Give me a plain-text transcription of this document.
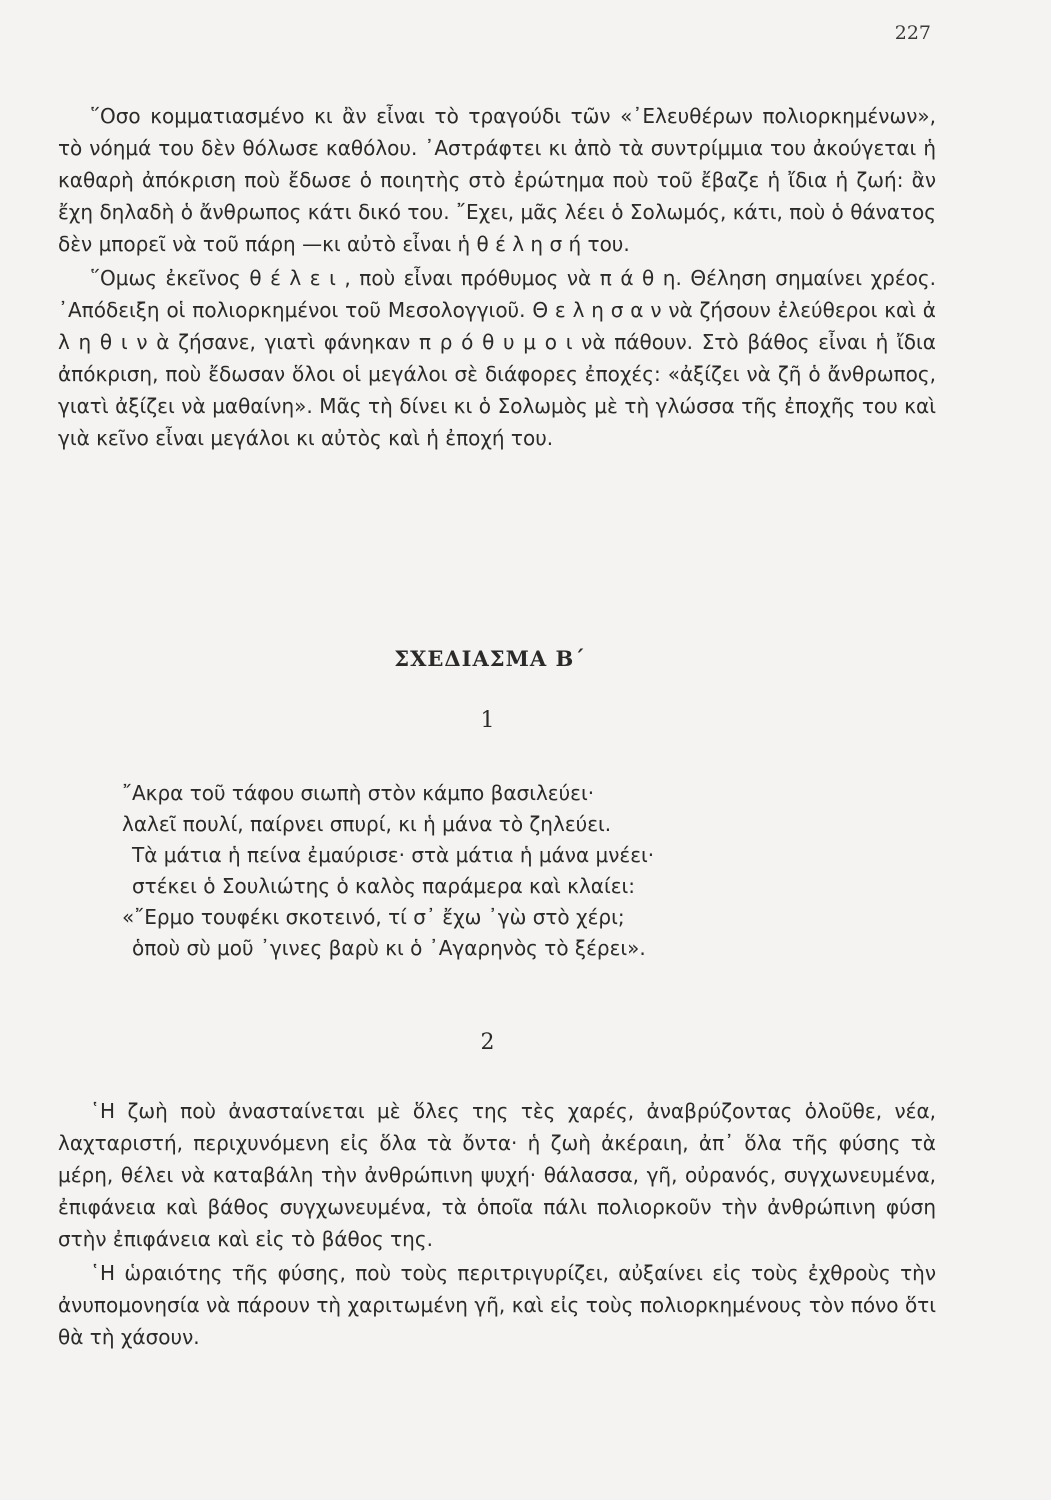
227

῞Οσο κομματιασμένο κι ἂν εἶναι τὸ τραγούδι τῶν «᾿Ελευθέρων πολιορκημένων», τὸ νόημά του δὲν θόλωσε καθόλου. ᾿Αστράφτει κι ἀπὸ τὰ συντρίμμια του ἀκούγεται ἡ καθαρὴ ἀπόκριση ποὺ ἔδωσε ὁ ποιητὴς στὸ ἐρώτημα ποὺ τοῦ ἔβαζε ἡ ἴδια ἡ ζωή: ἂν ἔχη δηλαδὴ ὁ ἄνθρωπος κάτι δικό του. ῎Εχει, μᾶς λέει ὁ Σολωμός, κάτι, ποὺ ὁ θάνατος δὲν μπορεῖ νὰ τοῦ πάρη —κι αὐτὸ εἶναι ἡ θ έ λ η σ ή του.

῞Ομως ἐκεῖνος θ έ λ ε ι , ποὺ εἶναι πρόθυμος νὰ π ά θ η. Θέληση σημαίνει χρέος. ᾿Απόδειξη οἱ πολιορκημένοι τοῦ Μεσολογγιοῦ. Θ ε λ η σ α ν νὰ ζήσουν ἐλεύθεροι καὶ ἀ λ η θ ι ν ὰ ζήσανε, γιατὶ φάνηκαν π ρ ό θ υ μ ο ι νὰ πάθουν. Στὸ βάθος εἶναι ἡ ἴδια ἀπόκριση, ποὺ ἔδωσαν ὅλοι οἱ μεγάλοι σὲ διάφορες ἐποχές: «ἀξίζει νὰ ζῆ ὁ ἄνθρωπος, γιατὶ ἀξίζει νὰ μαθαίνη». Μᾶς τὴ δίνει κι ὁ Σολωμὸς μὲ τὴ γλώσσα τῆς ἐποχῆς του καὶ γιὰ κεῖνο εἶναι μεγάλοι κι αὐτὸς καὶ ἡ ἐποχή του.

ΣΧΕΔΙΑΣΜΑ Β΄
1

῎Ακρα τοῦ τάφου σιωπὴ στὸν κάμπο βασιλεύει·

λαλεῖ πουλί, παίρνει σπυρί, κι ἡ μάνα τὸ ζηλεύει.

Τὰ μάτια ἡ πείνα ἐμαύρισε· στὰ μάτια ἡ μάνα μνέει·

στέκει ὁ Σουλιώτης ὁ καλὸς παράμερα καὶ κλαίει:

«῎Ερμο τουφέκι σκοτεινό, τί σ᾿ ἔχω ᾿γὼ στὸ χέρι;

ὁποὺ σὺ μοῦ ᾿γινες βαρὺ κι ὁ ᾿Αγαρηνὸς τὸ ξέρει».

2

῾Η ζωὴ ποὺ ἀνασταίνεται μὲ ὅλες της τὲς χαρές, ἀναβρύζοντας ὁλοῦθε, νέα, λαχταριστή, περιχυνόμενη εἰς ὅλα τὰ ὄντα· ἡ ζωὴ ἀκέραιη, ἀπ᾿ ὅλα τῆς φύσης τὰ μέρη, θέλει νὰ καταβάλη τὴν ἀνθρώπινη ψυχή· θάλασσα, γῆ, οὐρανός, συγχωνευμένα, ἐπιφάνεια καὶ βάθος συγχωνευμένα, τὰ ὁποῖα πάλι πολιορκοῦν τὴν ἀνθρώπινη φύση στὴν ἐπιφάνεια καὶ εἰς τὸ βάθος της.

῾Η ὡραιότης τῆς φύσης, ποὺ τοὺς περιτριγυρίζει, αὐξαίνει εἰς τοὺς ἐχθροὺς τὴν ἀνυπομονησία νὰ πάρουν τὴ χαριτωμένη γῆ, καὶ εἰς τοὺς πολιορκημένους τὸν πόνο ὅτι θὰ τὴ χάσουν.
